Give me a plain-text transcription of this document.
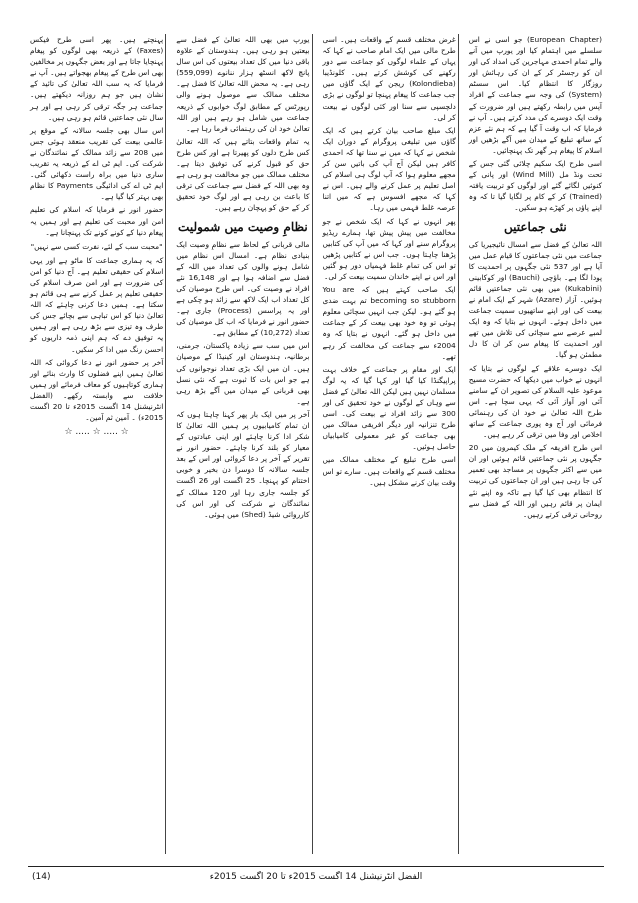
(European Chapter) جو اسی نے اس سلسلے میں اہتمام کیا اور یورپ میں آنے والے تمام احمدی مہاجرین کی امداد کی اور ان کو رجسٹر کر کے ان کی رہائش اور روزگار کا انتظام کیا۔ اس سسٹم (System) کی وجہ سے جماعت کے افراد آپس میں رابطہ رکھتے ہیں اور ضرورت کے وقت ایک دوسرے کی مدد کرتے ہیں۔ آپ نے فرمایا کہ اب وقت آ گیا ہے کہ ہم نئے عزم کے ساتھ تبلیغ کے میدان میں آگے بڑھیں اور اسلام کا پیغام ہر گھر تک پہنچائیں۔

اسی طرح ایک سکیم چلائی گئی جس کے تحت ونڈ مل (Wind Mill) اور پانی کے کنوئیں لگائے گئے اور لوگوں کو تربیت یافتہ (Trained) کر کے کام پر لگایا گیا تا کہ وہ اپنے پاؤں پر کھڑے ہو سکیں۔

نئی جماعتیں

اللہ تعالیٰ کے فضل سے امسال نائیجیریا کی جماعت میں نئی جماعتوں کا قیام عمل میں آیا ہے اور 537 نئی جگہوں پر احمدیت کا پودا لگا ہے۔ باؤچی (Bauchi) اور کوکابینی (Kukabini) میں بھی نئی جماعتیں قائم ہوئیں۔ آزار (Azare) شہر کے ایک امام نے بیعت کی اور اپنے ساتھیوں سمیت جماعت میں داخل ہوئے۔ انہوں نے بتایا کہ وہ ایک لمبے عرصے سے سچائی کی تلاش میں تھے اور احمدیت کا پیغام سن کر ان کا دل مطمئن ہو گیا۔

ایک دوسرے علاقے کے لوگوں نے بتایا کہ انہوں نے خواب میں دیکھا کہ حضرت مسیح موعود علیہ السلام کی تصویر ان کے سامنے آئی اور آواز آئی کہ یہی سچا ہے۔ اس طرح اللہ تعالیٰ نے خود ان کی رہنمائی فرمائی اور آج وہ پوری جماعت کے ساتھ اخلاص اور وفا میں ترقی کر رہے ہیں۔

اس طرح افریقہ کے ملک کیمرون میں 20 جگہوں پر نئی جماعتیں قائم ہوئیں اور ان میں سے اکثر جگہوں پر مساجد بھی تعمیر کی جا رہی ہیں اور ان جماعتوں کی تربیت کا انتظام بھی کیا گیا ہے تاکہ وہ اپنے نئے ایمان پر قائم رہیں اور اللہ کے فضل سے روحانی ترقی کرتے رہیں۔

غرض مختلف قسم کے واقعات ہیں۔ اسی طرح مالی میں ایک امام صاحب نے کہا کہ یہاں کے علماء لوگوں کو جماعت سے دور رکھنے کی کوشش کرتے ہیں۔ کلونڈیبا (Kolondieba) ریجن کے ایک گاؤں میں جب جماعت کا پیغام پہنچا تو لوگوں نے بڑی دلچسپی سے سنا اور کئی لوگوں نے بیعت کر لی۔

ایک مبلغ صاحب بیان کرتے ہیں کہ ایک گاؤں میں تبلیغی پروگرام کے دوران ایک شخص نے کہا کہ میں نے سنا تھا کہ احمدی کافر ہیں لیکن آج آپ کی باتیں سن کر مجھے معلوم ہوا کہ آپ لوگ ہی اسلام کی اصل تعلیم پر عمل کرنے والے ہیں۔ اس نے کہا کہ مجھے افسوس ہے کہ میں اتنا عرصہ غلط فہمی میں رہا۔

پھر انہوں نے کہا کہ ایک شخص نے جو مخالفت میں پیش پیش تھا، ہمارے ریڈیو پروگرام سنے اور کہا کہ میں آپ کی کتابیں پڑھنا چاہتا ہوں۔ جب اس نے کتابیں پڑھیں تو اس کی تمام غلط فہمیاں دور ہو گئیں اور اس نے اپنے خاندان سمیت بیعت کر لی۔

ایک صاحب کہتے ہیں کہ You are becoming so stubborn تم بہت ضدی ہو گئے ہو۔ لیکن جب انہیں سچائی معلوم ہوئی تو وہ خود بھی بیعت کر کے جماعت میں داخل ہو گئے۔ انہوں نے بتایا کہ وہ 2004ء سے جماعت کی مخالفت کر رہے تھے۔

ایک اور مقام پر جماعت کے خلاف بہت پراپیگنڈا کیا گیا اور کہا گیا کہ یہ لوگ مسلمان نہیں ہیں لیکن اللہ تعالیٰ کے فضل سے وہاں کے لوگوں نے خود تحقیق کی اور 300 سے زائد افراد نے بیعت کی۔ اسی طرح تنزانیہ اور دیگر افریقی ممالک میں بھی جماعت کو غیر معمولی کامیابیاں حاصل ہوئیں۔

اسی طرح تبلیغ کے مختلف ممالک میں مختلف قسم کے واقعات ہیں۔ سارے تو اس وقت بیان کرنے مشکل ہیں۔

یورپ میں بھی اللہ تعالیٰ کے فضل سے بیعتیں ہو رہی ہیں۔ ہندوستان کے علاوہ باقی دنیا میں کل تعداد بیعتوں کی اس سال پانچ لاکھ انسٹھ ہزار ننانوے (559,099) رہی ہے۔ یہ محض اللہ تعالیٰ کا فضل ہے۔ مختلف ممالک سے موصول ہونے والی رپورٹس کے مطابق لوگ خوابوں کے ذریعہ جماعت میں شامل ہو رہے ہیں اور اللہ تعالیٰ خود ان کی رہنمائی فرما رہا ہے۔

یہ تمام واقعات بتاتے ہیں کہ اللہ تعالیٰ کس طرح دلوں کو پھیرتا ہے اور کس طرح حق کو قبول کرنے کی توفیق دیتا ہے۔ مختلف ممالک میں جو مخالفت ہو رہی ہے وہ بھی اللہ کے فضل سے جماعت کی ترقی کا باعث بن رہی ہے اور لوگ خود تحقیق کر کے حق کو پہچان رہے ہیں۔

نظامِ وصیت میں شمولیت

مالی قربانی کے لحاظ سے نظامِ وصیت ایک بنیادی نظام ہے۔ امسال اس نظام میں شامل ہونے والوں کی تعداد میں اللہ کے فضل سے اضافہ ہوا ہے اور 16,148 نئے افراد نے وصیت کی۔ اس طرح موصیان کی کل تعداد اب ایک لاکھ سے زائد ہو چکی ہے اور یہ پراسس (Process) جاری ہے۔ حضور انور نے فرمایا کہ اب کل موصیان کی تعداد (10,272) کے مطابق ہے۔

اس میں سب سے زیادہ پاکستان، جرمنی، برطانیہ، ہندوستان اور کینیڈا کے موصیان ہیں۔ ان میں ایک بڑی تعداد نوجوانوں کی ہے جو اس بات کا ثبوت ہے کہ نئی نسل بھی قربانی کے میدان میں آگے بڑھ رہی ہے۔

آخر پر میں ایک بار پھر کہنا چاہتا ہوں کہ ان تمام کامیابیوں پر ہمیں اللہ تعالیٰ کا شکر ادا کرنا چاہئے اور اپنی عبادتوں کے معیار کو بلند کرنا چاہئے۔ حضور انور نے تقریر کے آخر پر دعا کروائی اور اس کے بعد جلسہ سالانہ کا دوسرا دن بخیر و خوبی اختتام کو پہنچا۔ 25 اگست اور 26 اگست کو جلسہ جاری رہا اور 120 ممالک کے نمائندگان نے شرکت کی اور اس کی کارروائی شیڈ (Shed) میں ہوئی۔

پہنچتے ہیں۔ پھر اسی طرح فیکس (Faxes) کے ذریعہ بھی لوگوں کو پیغام پہنچایا جاتا ہے اور بعض جگہوں پر مخالفین بھی اس طرح کے پیغام بھجواتے ہیں۔ آپ نے فرمایا کہ یہ سب اللہ تعالیٰ کی تائید کے نشان ہیں جو ہم روزانہ دیکھتے ہیں۔ جماعت ہر جگہ ترقی کر رہی ہے اور ہر سال نئی جماعتیں قائم ہو رہی ہیں۔

اس سال بھی جلسہ سالانہ کے موقع پر عالمی بیعت کی تقریب منعقد ہوئی جس میں 208 سے زائد ممالک کے نمائندگان نے شرکت کی۔ ایم ٹی اے کے ذریعہ یہ تقریب ساری دنیا میں براہ راست دکھائی گئی۔ ایم ٹی اے کی ادائیگی Payments کا نظام بھی بہتر کیا گیا ہے۔

حضور انور نے فرمایا کہ اسلام کی تعلیم امن اور محبت کی تعلیم ہے اور ہمیں یہ پیغام دنیا کے کونے کونے تک پہنچانا ہے۔

"محبت سب کے لئے، نفرت کسی سے نہیں"

کہ یہ ہماری جماعت کا ماٹو ہے اور یہی اسلام کی حقیقی تعلیم ہے۔ آج دنیا کو امن کی ضرورت ہے اور امن صرف اسلام کی حقیقی تعلیم پر عمل کرنے سے ہی قائم ہو سکتا ہے۔ ہمیں دعا کرنی چاہئے کہ اللہ تعالیٰ دنیا کو اس تباہی سے بچائے جس کی طرف وہ تیزی سے بڑھ رہی ہے اور ہمیں یہ توفیق دے کہ ہم اپنی ذمہ داریوں کو احسن رنگ میں ادا کر سکیں۔

آخر پر حضور انور نے دعا کروائی کہ اللہ تعالیٰ ہمیں اپنے فضلوں کا وارث بنائے اور ہماری کوتاہیوں کو معاف فرمائے اور ہمیں خلافت سے وابستہ رکھے۔ (الفضل انٹرنیشنل 14 اگست 2015ء تا 20 اگست 2015ء) ۔ آمین ثم آمین۔

☆ ..... ☆ ..... ☆
(14)	الفضل انٹرنیشنل 14 اگست 2015ء تا 20 اگست 2015ء
